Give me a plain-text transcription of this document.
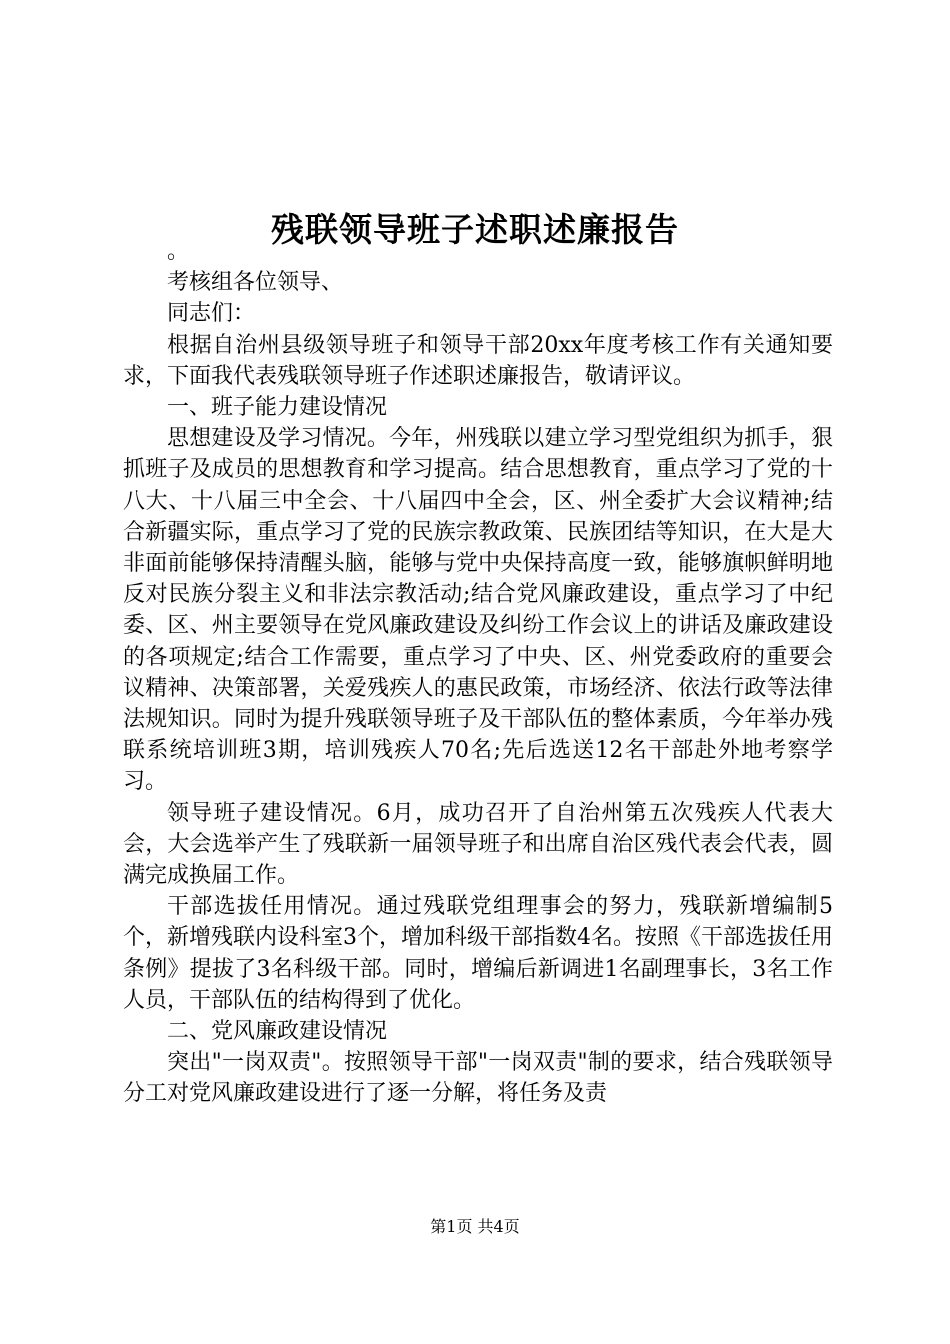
残联领导班子述职述廉报告

。

考核组各位领导、

同志们：

根据自治州县级领导班子和领导干部20xx年度考核工作有关通知要求，下面我代表残联领导班子作述职述廉报告，敬请评议。

一、班子能力建设情况

思想建设及学习情况。今年，州残联以建立学习型党组织为抓手，狠抓班子及成员的思想教育和学习提高。结合思想教育，重点学习了党的十八大、十八届三中全会、十八届四中全会，区、州全委扩大会议精神;结合新疆实际，重点学习了党的民族宗教政策、民族团结等知识，在大是大非面前能够保持清醒头脑，能够与党中央保持高度一致，能够旗帜鲜明地反对民族分裂主义和非法宗教活动;结合党风廉政建设，重点学习了中纪委、区、州主要领导在党风廉政建设及纠纷工作会议上的讲话及廉政建设的各项规定;结合工作需要，重点学习了中央、区、州党委政府的重要会议精神、决策部署，关爱残疾人的惠民政策，市场经济、依法行政等法律法规知识。同时为提升残联领导班子及干部队伍的整体素质，今年举办残联系统培训班3期，培训残疾人70名;先后选送12名干部赴外地考察学习。

领导班子建设情况。6月，成功召开了自治州第五次残疾人代表大会，大会选举产生了残联新一届领导班子和出席自治区残代表会代表，圆满完成换届工作。

干部选拔任用情况。通过残联党组理事会的努力，残联新增编制5个，新增残联内设科室3个，增加科级干部指数4名。按照《干部选拔任用条例》提拔了3名科级干部。同时，增编后新调进1名副理事长，3名工作人员，干部队伍的结构得到了优化。

二、党风廉政建设情况

突出"一岗双责"。按照领导干部"一岗双责"制的要求，结合残联领导分工对党风廉政建设进行了逐一分解，将任务及责

第1页 共4页
